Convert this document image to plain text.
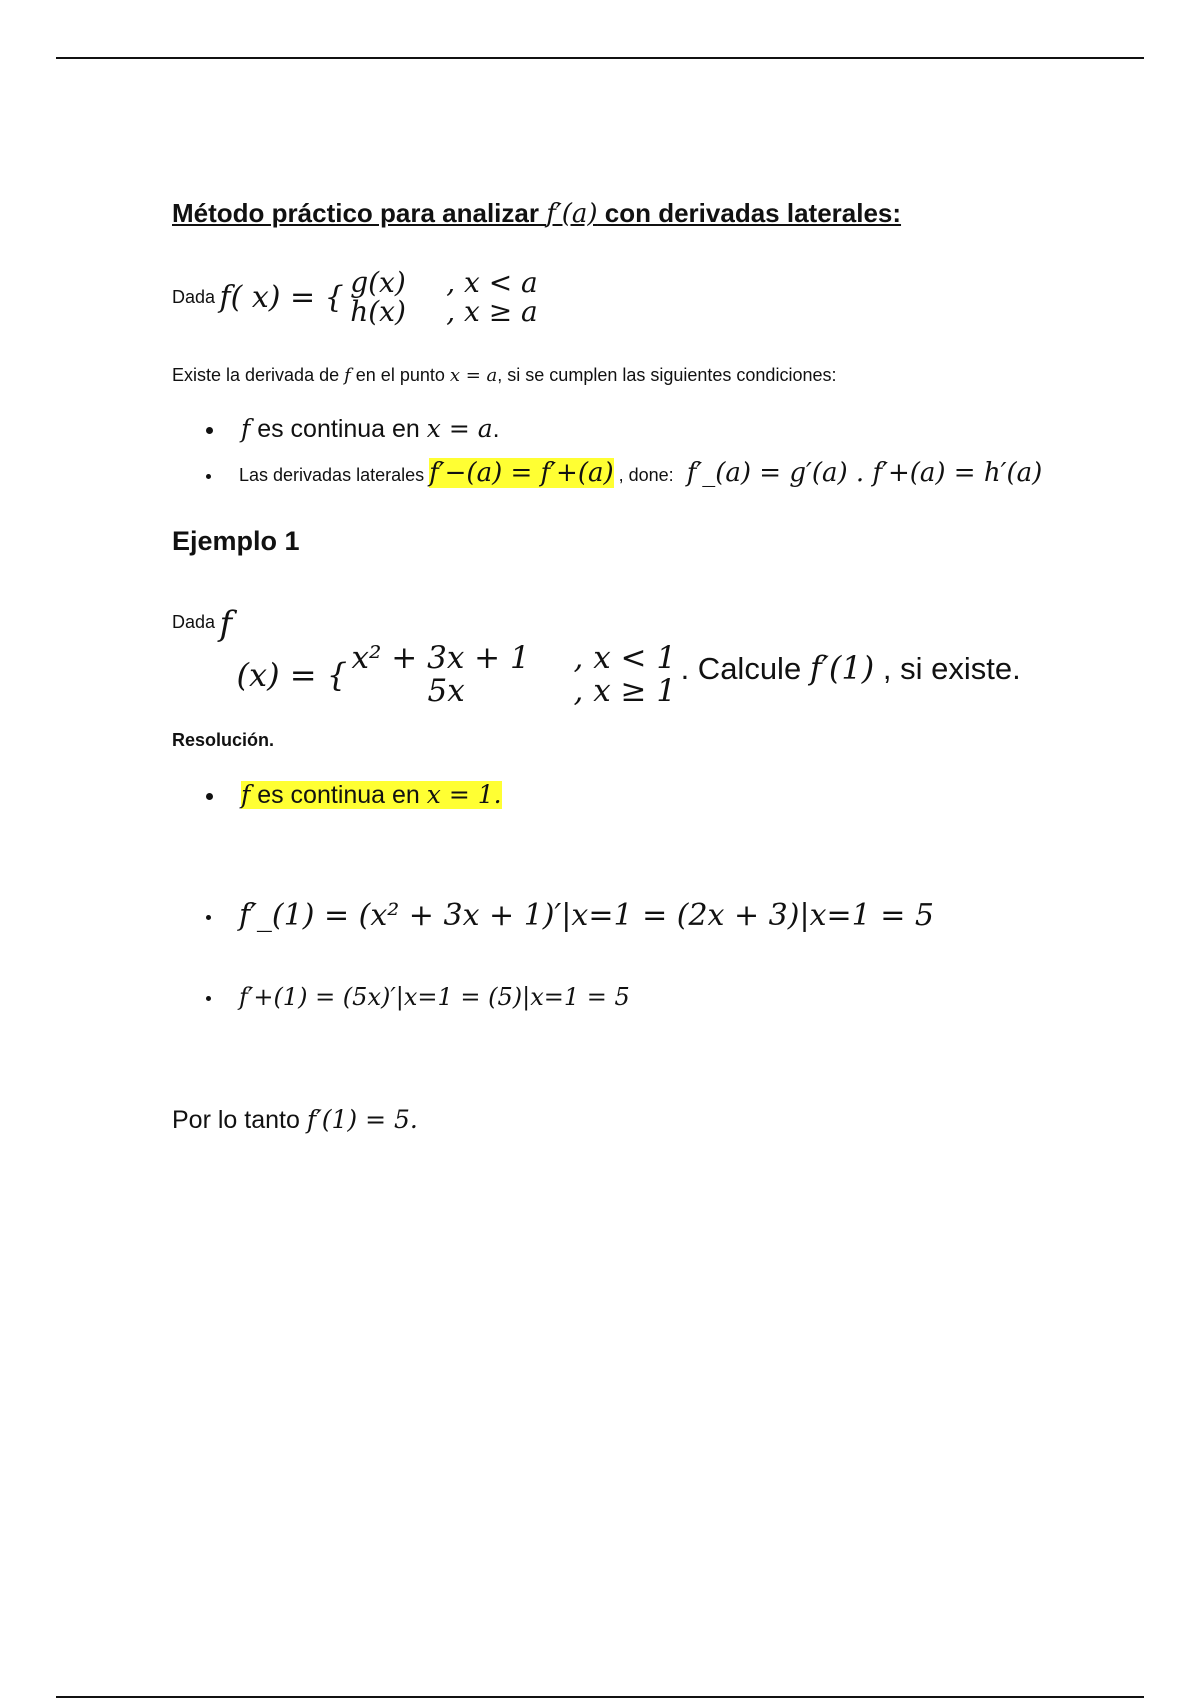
Método práctico para analizar f′(a) con derivadas laterales:
Dada f( x) = { g(x) , x < a
h(x) , x ≥ a
Existe la derivada de f en el punto x = a, si se cumplen las siguientes condiciones:
f es continua en x = a.
Las derivadas laterales f′−(a) = f′+(a) , done: f′_(a) = g′(a) . f′+(a) = h′(a)
Ejemplo 1
Dada f (x) = { x² + 3x + 1 , x < 1
5x	, x ≥ 1
. Calcule f′(1) , si existe.
Resolución.
f es continua en x = 1.
f′_(1) = (x² + 3x + 1)′|x=1 = (2x + 3)|x=1 = 5
f′+(1) = (5x)′|x=1 = (5)|x=1 = 5
Por lo tanto f′(1) = 5.
